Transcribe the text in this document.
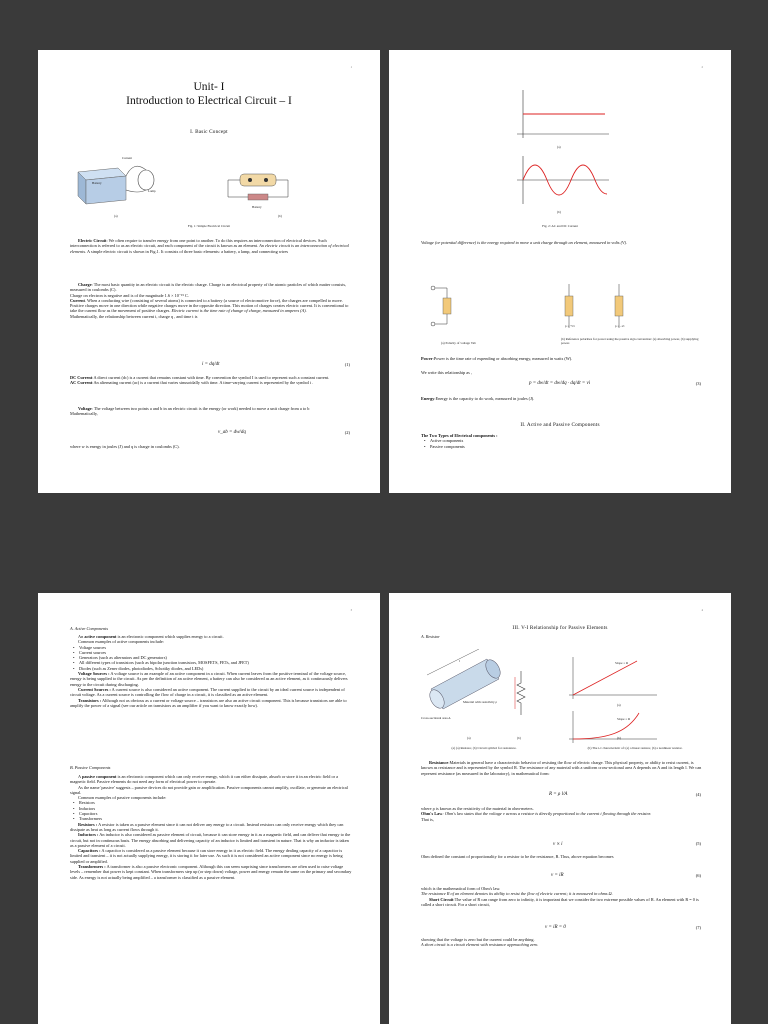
1
Unit- I
Introduction to Electrical Circuit – I
I. Basic Concept
Current
Battery
Lamp
Battery
(a)	(b)
Fig. 1: Simple Electrical Circuit
Electric Circuit: We often require to transfer energy from one point to another. To do this requires an interconnection of electrical devices. Such interconnection is referred to as an electric circuit, and each component of the circuit is known as an element. An electric circuit is an interconnection of electrical elements. A simple electric circuit is shown in Fig.1. It consists of three basic elements: a battery, a lamp, and connecting wires
Charge: The most basic quantity in an electric circuit is the electric charge. Charge is an electrical property of the atomic particles of which matter consists, measured in coulombs (C).
Charge on electron is negative and is of the magnitude 1.6 × 10⁻¹⁹ C.
Current. When a conducting wire (consisting of several atoms) is connected to a battery (a source of electromotive force), the charges are compelled to move. Positive charges move in one direction while negative charges move in the opposite direction. This motion of charges creates electric current. It is conventional to take the current flow as the movement of positive charges. Electric current is the time rate of change of charge, measured in amperes (A).
Mathematically, the relationship between current i, charge q , and time t is
i = dq/dt	(1)
DC Current:A direct current (dc) is a current that remains constant with time. By convention the symbol I is used to represent such a constant current.
AC Current:An alternating current (ac) is a current that varies sinusoidally with time. A time-varying current is represented by the symbol i .
Voltage: The voltage between two points a and b in an electric circuit is the energy (or work) needed to move a unit charge from a to b
Mathematically,
v_ab = dw/dq	(2)
where w is energy in joules (J) and q is charge in coulombs (C).
2
(a)
(b)
Fig. 2: AC and DC Current
Voltage (or potential difference) is the energy required to move a unit charge through an element, measured in volts (V).
p = +vi	p = –vi
(a) Polarity of voltage Vab
(b) Reference polarities for power using the passive sign convention: (a) absorbing power, (b) supplying power.
Power:Power is the time rate of expending or absorbing energy, measured in watts (W).
We write this relationship as ,
p = dw/dt = dw/dq · dq/dt = vi	(3)
Energy:Energy is the capacity to do work, measured in joules (J).
II. Active and Passive Components
The Two Types of Electrical components :
• Active components
• Passive components
3
A. Active Components
An active component is an electronic component which supplies energy to a circuit.
Common examples of active components include:
• Voltage sources
• Current sources
• Generators (such as alternators and DC generators)
• All different types of transistors (such as bipolar junction transistors, MOSFETS, FETs, and JFET)
• Diodes (such as Zener diodes, photodiodes, Schottky diodes, and LEDs)
Voltage Sources : A voltage source is an example of an active component in a circuit. When current leaves from the positive terminal of the voltage source, energy is being supplied to the circuit. As per the definition of an active element, a battery can also be considered as an active element, as it continuously delivers energy to the circuit during discharging.
Current Sources : A current source is also considered an active component. The current supplied to the circuit by an ideal current source is independent of circuit voltage. As a current source is controlling the flow of charge in a circuit, it is classified as an active element.
Transistors : Although not as obvious as a current or voltage source – transistors are also an active circuit component. This is because transistors are able to amplify the power of a signal (see our article on transistors as an amplifier if you want to know exactly how).
B. Passive Components
A passive component is an electronic component which can only receive energy, which it can either dissipate, absorb or store it in an electric field or a magnetic field. Passive elements do not need any form of electrical power to operate.
As the name 'passive' suggests – passive devices do not provide gain or amplification. Passive components cannot amplify, oscillate, or generate an electrical signal.
Common examples of passive components include:
• Resistors
• Inductors
• Capacitors
• Transformers
Resistors : A resistor is taken as a passive element since it can not deliver any energy to a circuit. Instead resistors can only receive energy which they can dissipate as heat as long as current flows through it.
Inductors : An inductor is also considered as passive element of circuit, because it can store energy in it as a magnetic field, and can deliver that energy to the circuit, but not in continuous basis. The energy absorbing and delivering capacity of an inductor is limited and transient in nature. That is why an inductor is taken as a passive element of a circuit.
Capacitors : A capacitor is considered as a passive element because it can store energy in it as electric field. The energy dealing capacity of a capacitor is limited and transient – it is not actually supplying energy, it is storing it for later use. As such it is not considered an active component since no energy is being supplied or amplified.
Transformers : A transformer is also a passive electronic component. Although this can seem surprising since transformers are often used to raise voltage levels – remember that power is kept constant. When transformers step up (or step down) voltage, power and energy remain the same on the primary and secondary side. As energy is not actually being amplified – a transformer is classified as a passive element.
4
III. V-I Relationship for Passive Elements
A. Resistor
l
Material with resistivity ρ
Cross-sectional area A
(a)	(b)
Slope = R
(a)
Slope = R
(b)
(a) (a) Resistor, (b) Circuit symbol for resistance.	(b) The i-v characteristic of: (a) a linear resistor, (b) a nonlinear resistor.
Resistance:Materials in general have a characteristic behavior of resisting the flow of electric charge. This physical property, or ability to resist current, is known as resistance and is represented by the symbol R. The resistance of any material with a uniform cross-sectional area A depends on A and its length l. We can represent resistance (as measured in the laboratory), in mathematical form:
R = ρ l/A	(4)
where ρ is known as the resistivity of the material in ohm-meters.
Ohm's Law: Ohm's law states that the voltage v across a resistor is directly proportional to the current i flowing through the resistor.
That is,
v ∝ i	(5)
Ohm defined the constant of proportionality for a resistor to be the resistance, R. Thus, above equation becomes
v = iR	(6)
which is the mathematical form of Ohm's law.
The resistance R of an element denotes its ability to resist the flow of electric current; it is measured in ohms Ω.

Short Circuit:The value of R can range from zero to infinity, it is important that we consider the two extreme possible values of R. An element with R = 0 is called a short circuit. For a short circuit,
v = iR = 0	(7)
showing that the voltage is zero but the current could be anything.
A short circuit is a circuit element with resistance approaching zero.
